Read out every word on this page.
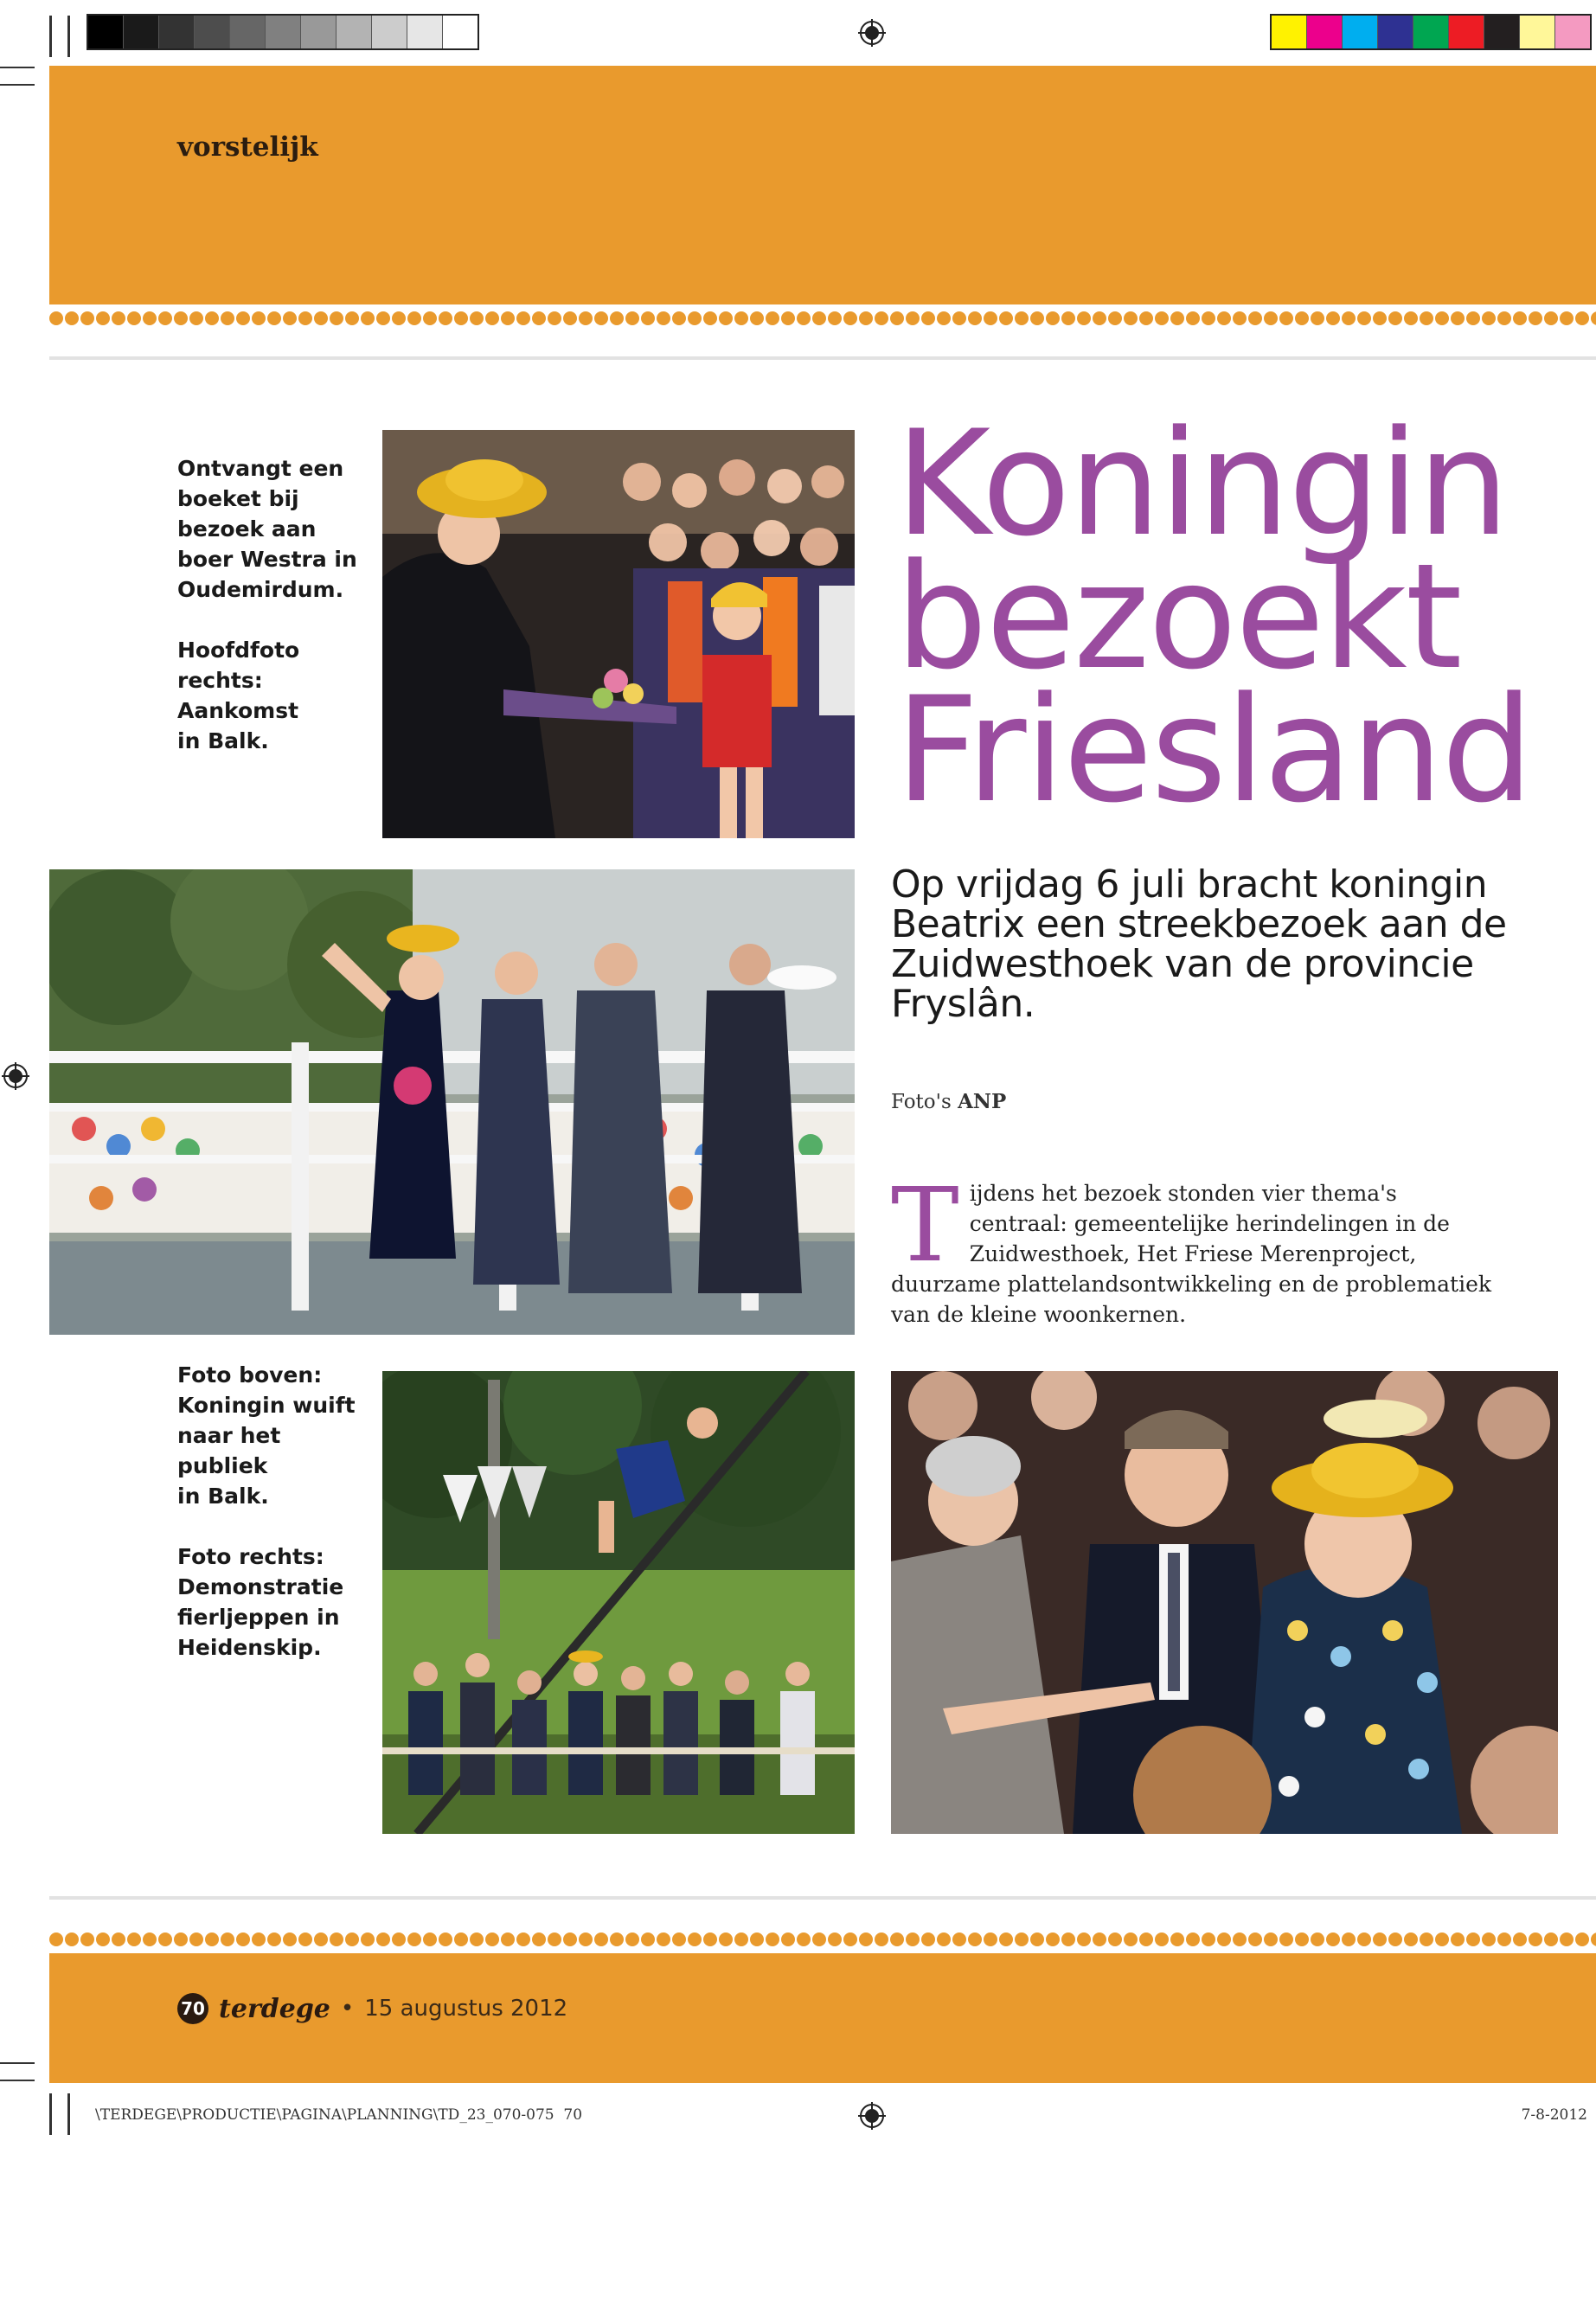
vorstelijk

Ontvangt een

boeket bij

bezoek aan

boer Westra in

Oudemirdum.

Hoofdfoto

rechts:

Aankomst

in Balk.

Koningin
bezoekt
Friesland
Op vrijdag 6 juli bracht koningin Beatrix een streekbezoek aan de Zuidwesthoek van de provincie Fryslân.
Foto's ANP
Tijdens het bezoek stonden vier thema's centraal: gemeentelijke herindelingen in de Zuidwesthoek, Het Friese Merenproject, duurzame plattelandsontwikkeling en de problematiek van de kleine woonkernen.

Foto boven:

Koningin wuift

naar het publiek

in Balk.

Foto rechts:

Demonstratie

fierljeppen in

Heidenskip.

70 terdege • 15 augustus 2012
\TERDEGE\PRODUCTIE\PAGINA\PLANNING\TD_23_070-075 70	7-8-2012
